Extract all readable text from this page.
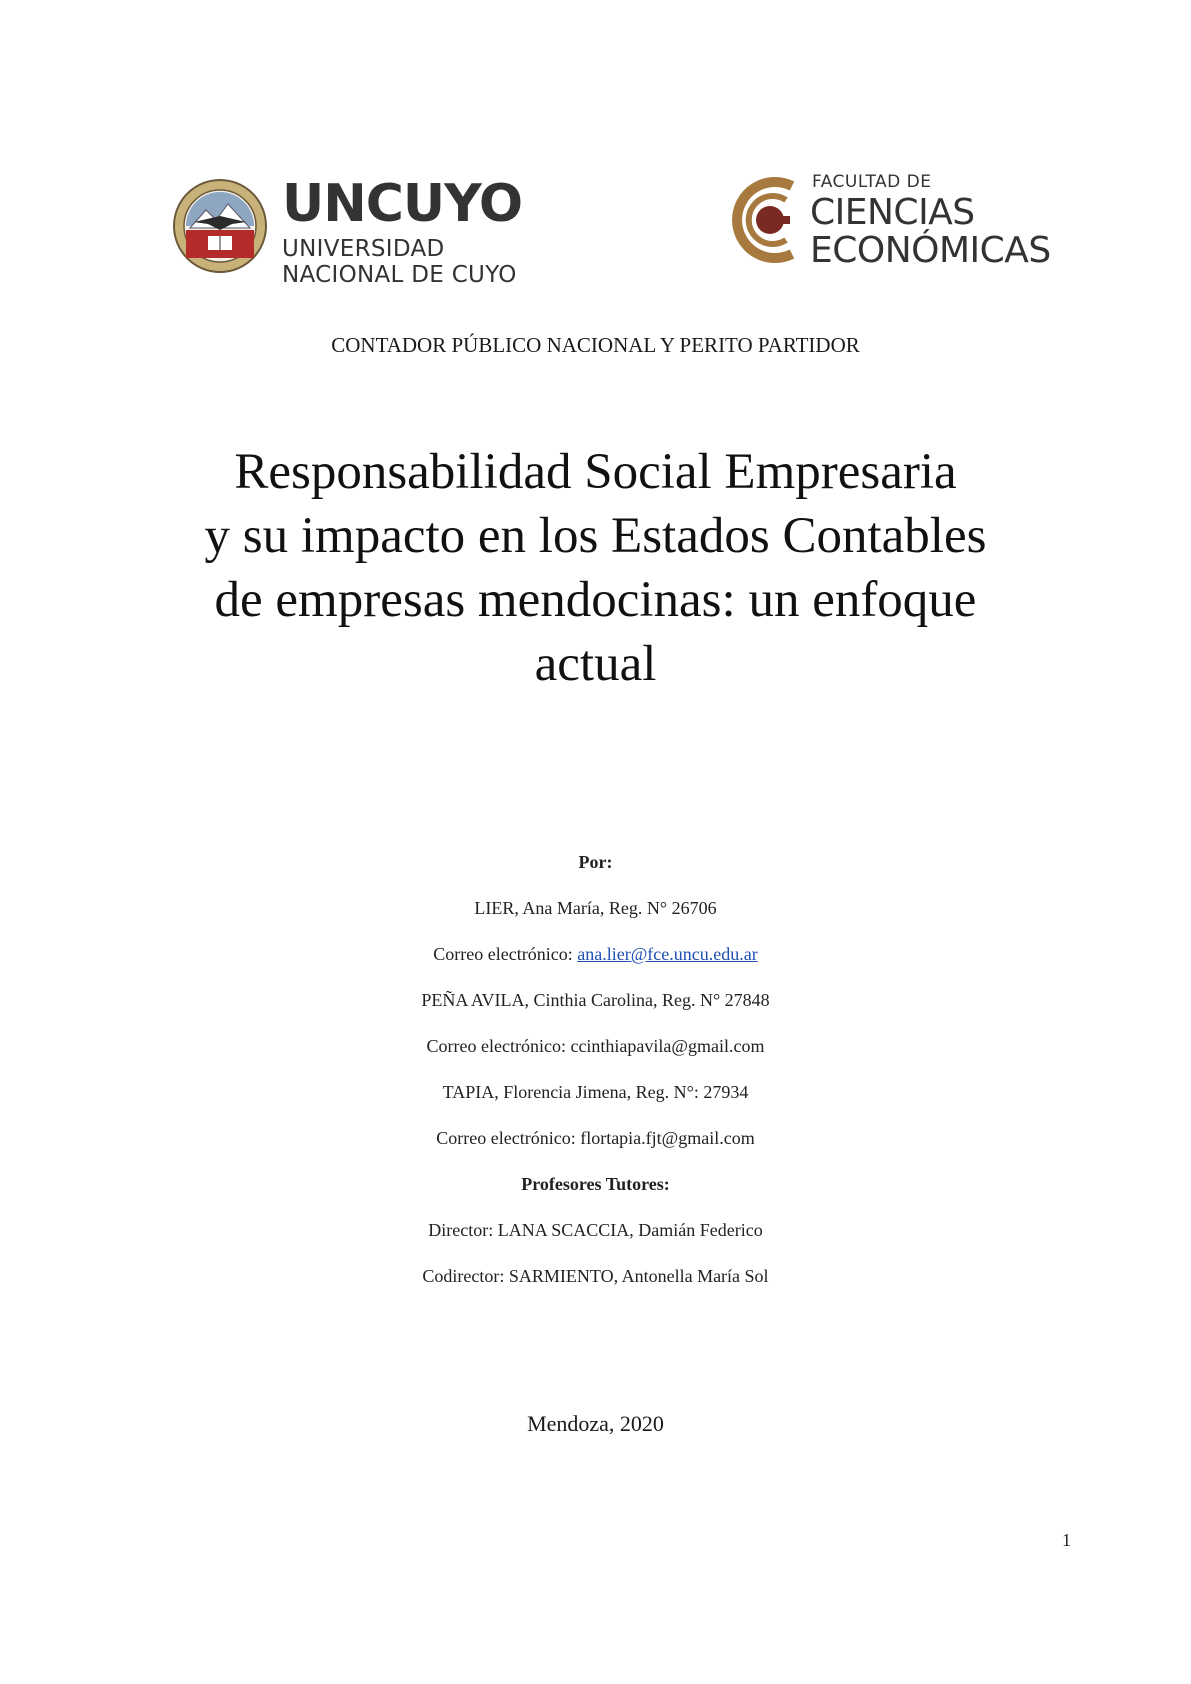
UNCUYO
UNIVERSIDAD
NACIONAL DE CUYO
FACULTAD DE
CIENCIAS
ECONÓMICAS

CONTADOR PÚBLICO NACIONAL Y PERITO PARTIDOR

Responsabilidad Social Empresaria
y su impacto en los Estados Contables
de empresas mendocinas: un enfoque
actual

Por:

LIER, Ana María, Reg. N° 26706

Correo electrónico: ana.lier@fce.uncu.edu.ar

PEÑA AVILA, Cinthia Carolina, Reg. N° 27848

Correo electrónico: ccinthiapavila@gmail.com

TAPIA, Florencia Jimena, Reg. N°: 27934

Correo electrónico: flortapia.fjt@gmail.com

Profesores Tutores:

Director: LANA SCACCIA, Damián Federico

Codirector: SARMIENTO, Antonella María Sol

Mendoza, 2020

1
